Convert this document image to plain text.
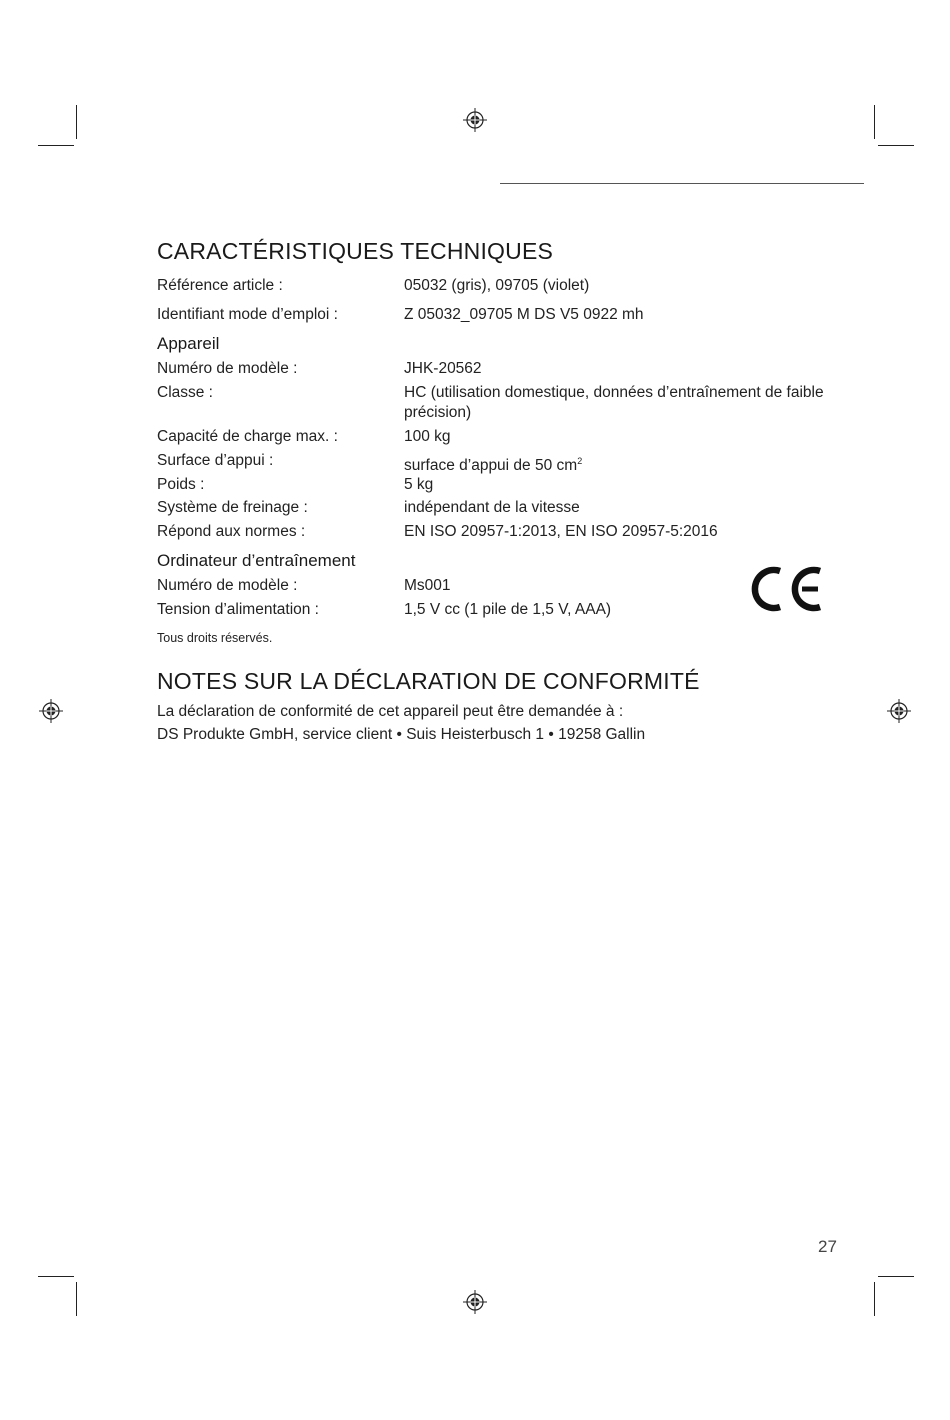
CARACTÉRISTIQUES TECHNIQUES
Référence article :	05032 (gris), 09705 (violet)
Identifiant mode d’emploi :	Z 05032_09705 M DS V5 0922 mh
Appareil
Numéro de modèle :	JHK-20562
Classe :	HC (utilisation domestique, données d’entraînement de faible précision)
Capacité de charge max. :	100 kg
Surface d’appui :	surface d’appui de 50 $cm^2$
Poids :	5 kg
Système de freinage :	indépendant de la vitesse
Répond aux normes :	EN ISO 20957-1:2013, EN ISO 20957-5:2016
Ordinateur d’entraînement
Numéro de modèle :	Ms001
Tension d’alimentation :	1,5 V cc (1 pile de 1,5 V, AAA)
Tous droits réservés.
NOTES SUR LA DÉCLARATION DE CONFORMITÉ
La déclaration de conformité de cet appareil peut être demandée à :
DS Produkte GmbH, service client • Suis Heisterbusch 1 • 19258 Gallin
27
